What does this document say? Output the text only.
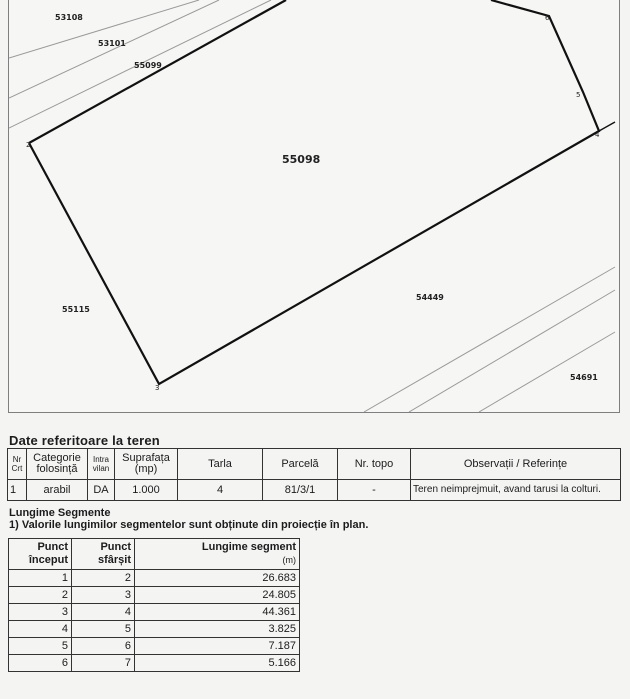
53108
53101
55099
55098
55115
54449
54691
2
3
4
5
6
Date referitoare la teren
Nr Crt	Categorie folosință	Intra vilan	Suprafața (mp)	Tarla	Parcelă	Nr. topo	Observații / Referințe
1	arabil	DA	1.000	4	81/3/1	-	Teren neimprejmuit, avand tarusi la colturi.
Lungime Segmente
1) Valorile lungimilor segmentelor sunt obținute din proiecție în plan.
Punct început	Punct sfârșit	Lungime segment
(m)
1	2	26.683
2	3	24.805
3	4	44.361
4	5	3.825
5	6	7.187
6	7	5.166
